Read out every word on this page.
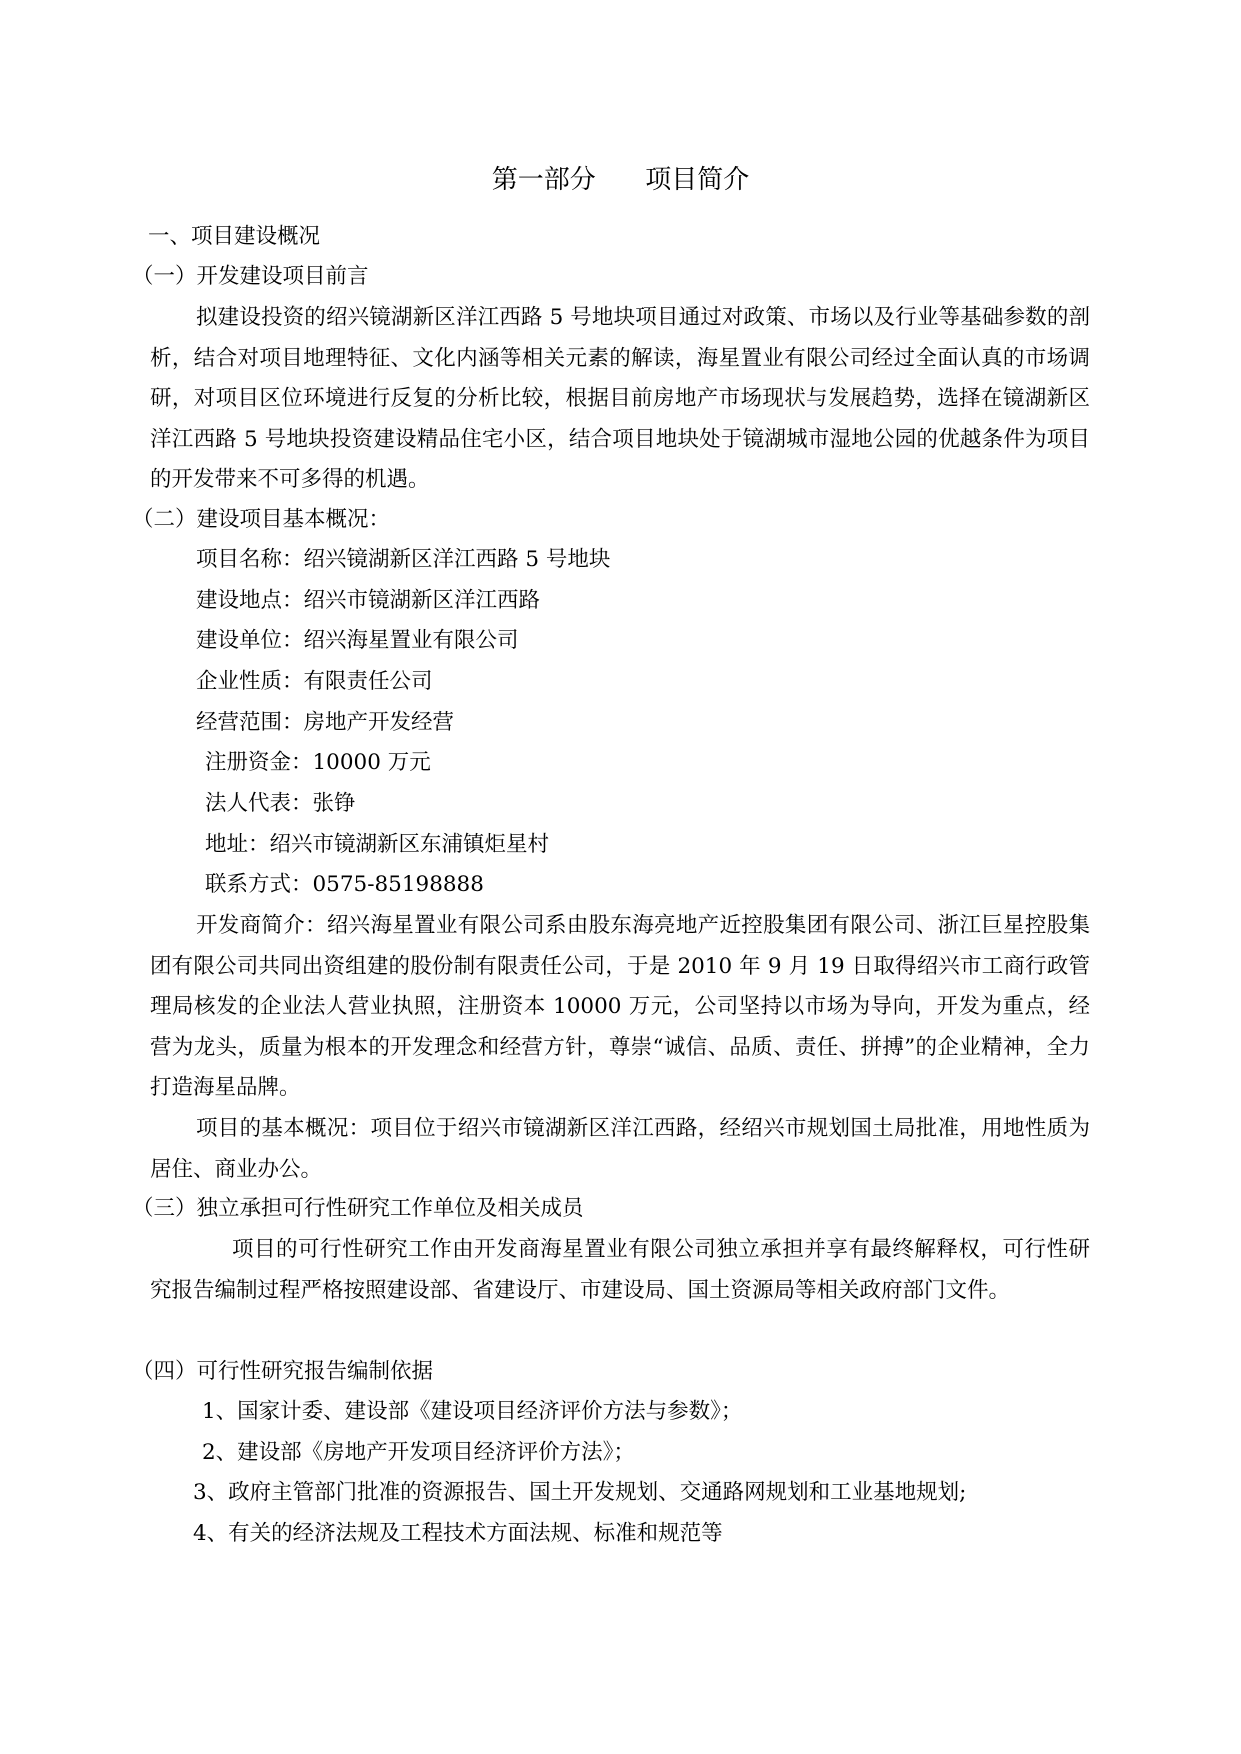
第一部分      项目简介
一、项目建设概况
（一）开发建设项目前言
拟建设投资的绍兴镜湖新区洋江西路 5 号地块项目通过对政策、市场以及行业等基础参数的剖析，结合对项目地理特征、文化内涵等相关元素的解读，海星置业有限公司经过全面认真的市场调研，对项目区位环境进行反复的分析比较，根据目前房地产市场现状与发展趋势，选择在镜湖新区洋江西路 5 号地块投资建设精品住宅小区，结合项目地块处于镜湖城市湿地公园的优越条件为项目的开发带来不可多得的机遇。
（二）建设项目基本概况：
项目名称：绍兴镜湖新区洋江西路 5 号地块
建设地点：绍兴市镜湖新区洋江西路
建设单位：绍兴海星置业有限公司
企业性质：有限责任公司
经营范围：房地产开发经营
注册资金：10000 万元
法人代表：张铮
地址：绍兴市镜湖新区东浦镇炬星村
联系方式：0575-85198888
开发商简介：绍兴海星置业有限公司系由股东海亮地产近控股集团有限公司、浙江巨星控股集团有限公司共同出资组建的股份制有限责任公司，于是 2010 年 9 月 19 日取得绍兴市工商行政管理局核发的企业法人营业执照，注册资本 10000 万元，公司坚持以市场为导向，开发为重点，经营为龙头，质量为根本的开发理念和经营方针，尊崇“诚信、品质、责任、拼搏”的企业精神，全力打造海星品牌。
项目的基本概况：项目位于绍兴市镜湖新区洋江西路，经绍兴市规划国土局批准，用地性质为居住、商业办公。
（三）独立承担可行性研究工作单位及相关成员
项目的可行性研究工作由开发商海星置业有限公司独立承担并享有最终解释权，可行性研究报告编制过程严格按照建设部、省建设厅、市建设局、国土资源局等相关政府部门文件。
（四）可行性研究报告编制依据
1、国家计委、建设部《建设项目经济评价方法与参数》；
2、建设部《房地产开发项目经济评价方法》；
3、政府主管部门批准的资源报告、国土开发规划、交通路网规划和工业基地规划;
4、有关的经济法规及工程技术方面法规、标准和规范等
